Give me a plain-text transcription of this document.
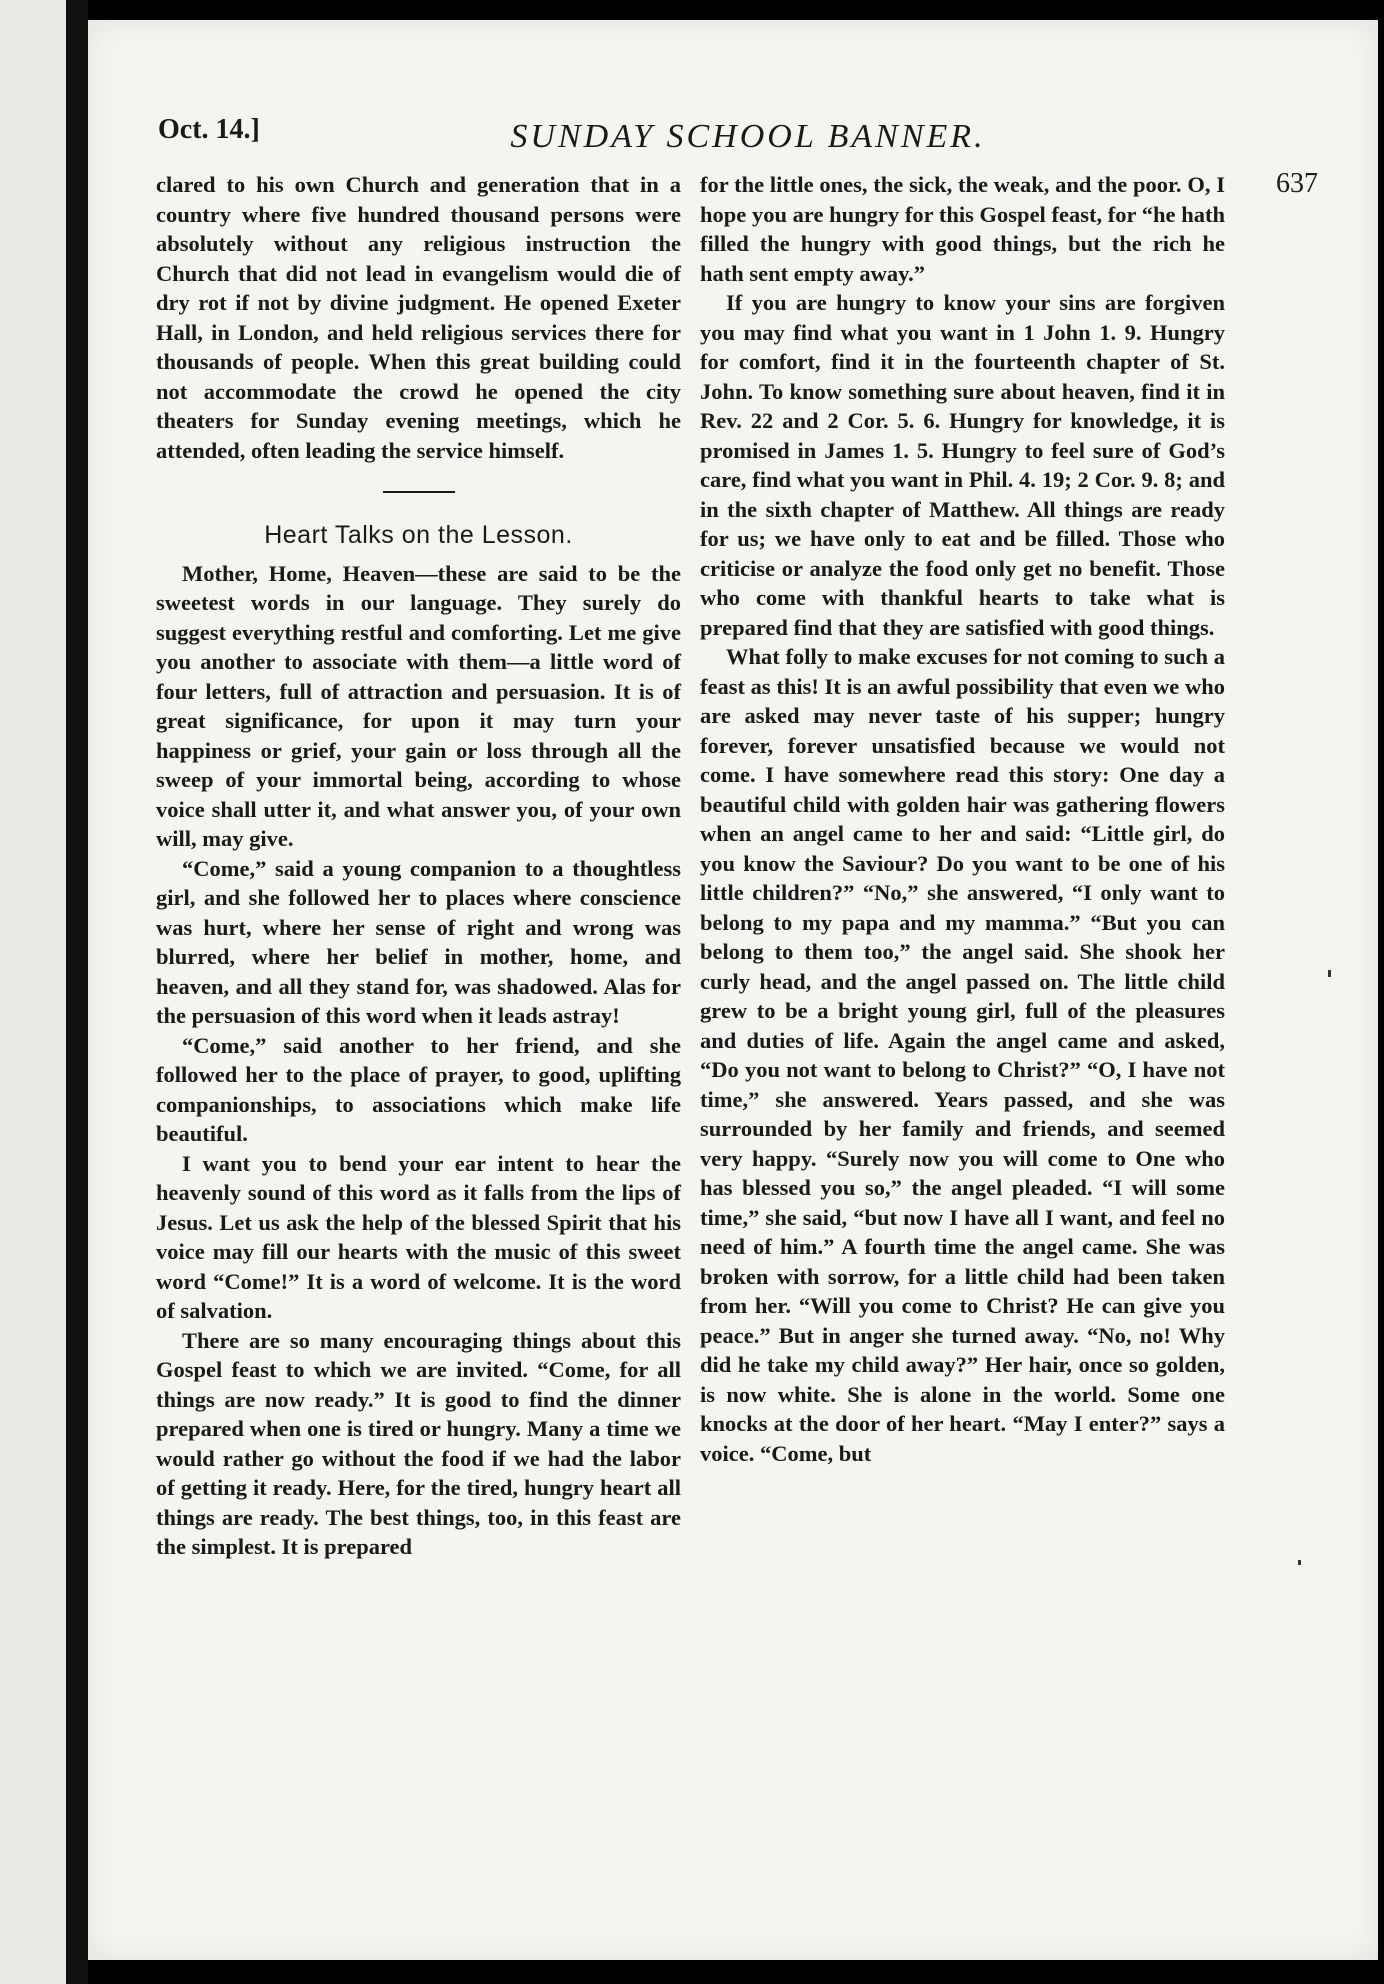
Oct. 14.]	SUNDAY SCHOOL BANNER.
637

clared to his own Church and generation that in a country where five hundred thousand persons were absolutely without any religious instruction the Church that did not lead in evangelism would die of dry rot if not by divine judgment. He opened Exeter Hall, in London, and held religious services there for thousands of people. When this great building could not accommodate the crowd he opened the city theaters for Sunday evening meetings, which he attended, often leading the service himself.

Heart Talks on the Lesson.

Mother, Home, Heaven—these are said to be the sweetest words in our language. They surely do suggest everything restful and comforting. Let me give you another to associate with them—a little word of four letters, full of attraction and persuasion. It is of great significance, for upon it may turn your happiness or grief, your gain or loss through all the sweep of your immortal being, according to whose voice shall utter it, and what answer you, of your own will, may give.

“Come,” said a young companion to a thoughtless girl, and she followed her to places where conscience was hurt, where her sense of right and wrong was blurred, where her belief in mother, home, and heaven, and all they stand for, was shadowed. Alas for the persuasion of this word when it leads astray!

“Come,” said another to her friend, and she followed her to the place of prayer, to good, uplifting companionships, to associations which make life beautiful.

I want you to bend your ear intent to hear the heavenly sound of this word as it falls from the lips of Jesus. Let us ask the help of the blessed Spirit that his voice may fill our hearts with the music of this sweet word “Come!” It is a word of welcome. It is the word of salvation.

There are so many encouraging things about this Gospel feast to which we are invited. “Come, for all things are now ready.” It is good to find the dinner prepared when one is tired or hungry. Many a time we would rather go without the food if we had the labor of getting it ready. Here, for the tired, hungry heart all things are ready. The best things, too, in this feast are the simplest. It is prepared

for the little ones, the sick, the weak, and the poor. O, I hope you are hungry for this Gospel feast, for “he hath filled the hungry with good things, but the rich he hath sent empty away.”

If you are hungry to know your sins are forgiven you may find what you want in 1 John 1. 9. Hungry for comfort, find it in the fourteenth chapter of St. John. To know something sure about heaven, find it in Rev. 22 and 2 Cor. 5. 6. Hungry for knowledge, it is promised in James 1. 5. Hungry to feel sure of God’s care, find what you want in Phil. 4. 19; 2 Cor. 9. 8; and in the sixth chapter of Matthew. All things are ready for us; we have only to eat and be filled. Those who criticise or analyze the food only get no benefit. Those who come with thankful hearts to take what is prepared find that they are satisfied with good things.

What folly to make excuses for not coming to such a feast as this! It is an awful possibility that even we who are asked may never taste of his supper; hungry forever, forever unsatisfied because we would not come. I have somewhere read this story: One day a beautiful child with golden hair was gathering flowers when an angel came to her and said: “Little girl, do you know the Saviour? Do you want to be one of his little children?” “No,” she answered, “I only want to belong to my papa and my mamma.” “But you can belong to them too,” the angel said. She shook her curly head, and the angel passed on. The little child grew to be a bright young girl, full of the pleasures and duties of life. Again the angel came and asked, “Do you not want to belong to Christ?” “O, I have not time,” she answered. Years passed, and she was surrounded by her family and friends, and seemed very happy. “Surely now you will come to One who has blessed you so,” the angel pleaded. “I will some time,” she said, “but now I have all I want, and feel no need of him.” A fourth time the angel came. She was broken with sorrow, for a little child had been taken from her. “Will you come to Christ? He can give you peace.” But in anger she turned away. “No, no! Why did he take my child away?” Her hair, once so golden, is now white. She is alone in the world. Some one knocks at the door of her heart. “May I enter?” says a voice. “Come, but
